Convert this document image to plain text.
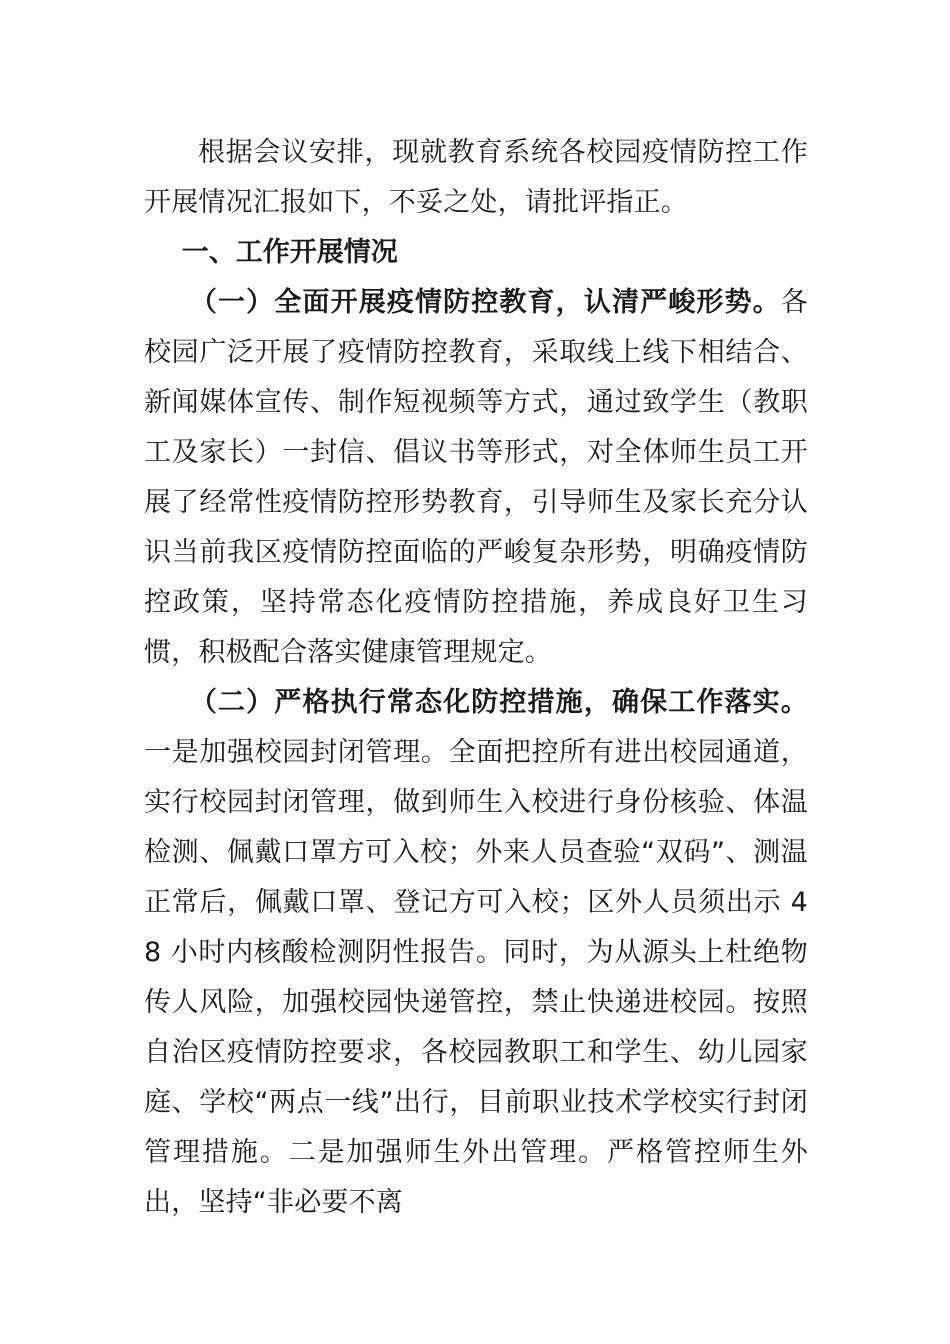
根据会议安排，现就教育系统各校园疫情防控工作开展情况汇报如下，不妥之处，请批评指正。

一、工作开展情况

（一）全面开展疫情防控教育，认清严峻形势。各校园广泛开展了疫情防控教育，采取线上线下相结合、新闻媒体宣传、制作短视频等方式，通过致学生（教职工及家长）一封信、倡议书等形式，对全体师生员工开展了经常性疫情防控形势教育，引导师生及家长充分认识当前我区疫情防控面临的严峻复杂形势，明确疫情防控政策，坚持常态化疫情防控措施，养成良好卫生习惯，积极配合落实健康管理规定。

（二）严格执行常态化防控措施，确保工作落实。一是加强校园封闭管理。全面把控所有进出校园通道，实行校园封闭管理，做到师生入校进行身份核验、体温检测、佩戴口罩方可入校；外来人员查验“双码”、测温正常后，佩戴口罩、登记方可入校；区外人员须出示 48 小时内核酸检测阴性报告。同时，为从源头上杜绝物传人风险，加强校园快递管控，禁止快递进校园。按照自治区疫情防控要求，各校园教职工和学生、幼儿园家庭、学校“两点一线”出行，目前职业技术学校实行封闭管理措施。二是加强师生外出管理。严格管控师生外出，坚持“非必要不离
